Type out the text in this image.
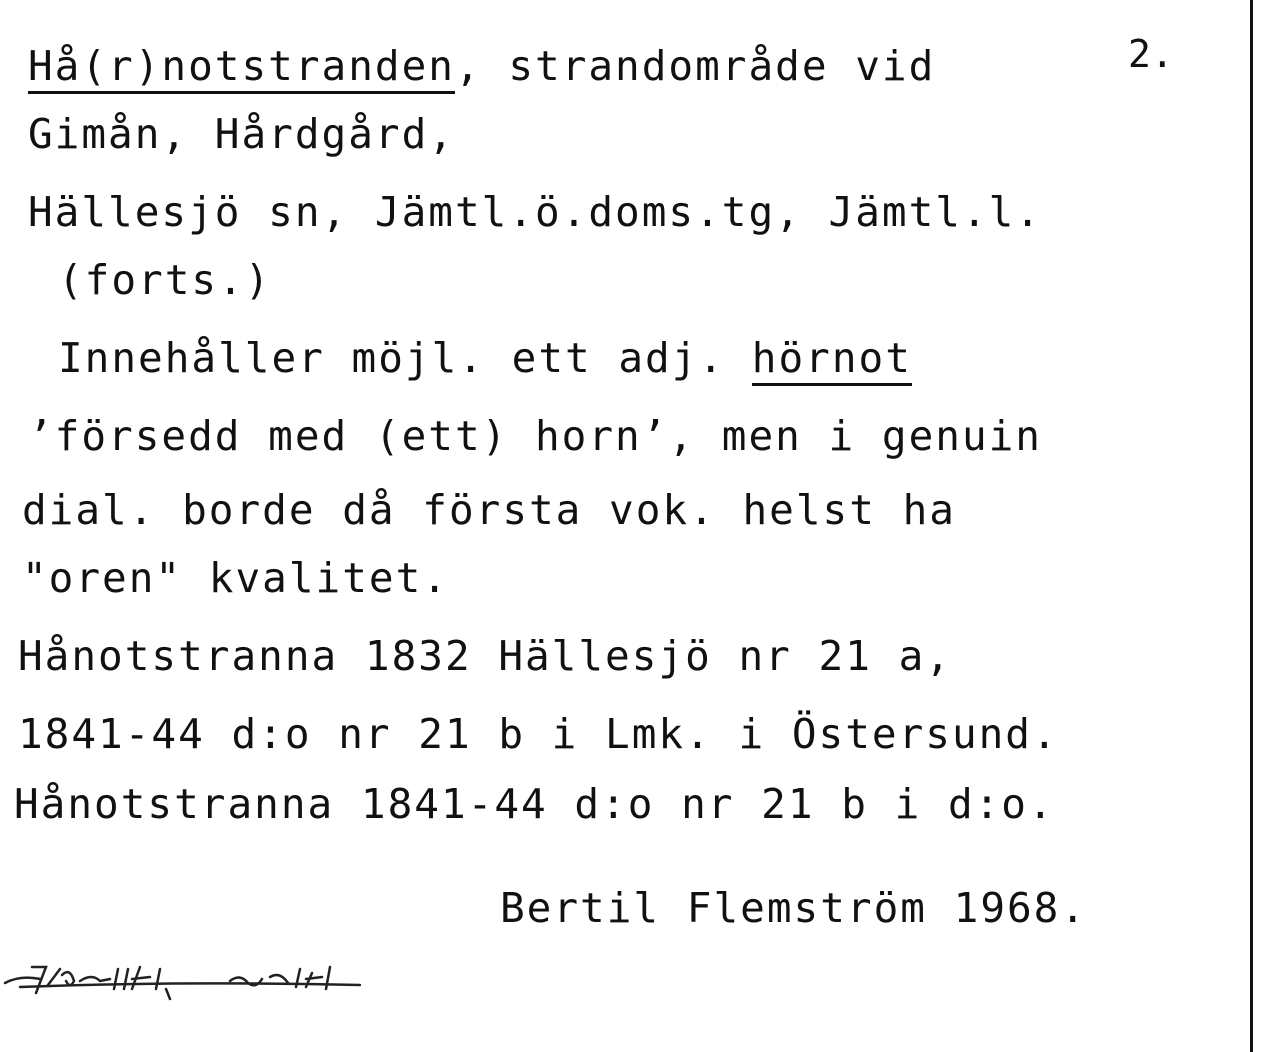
2.
Hå(r)notstranden, strandområde vid
Gimån, Hårdgård,
Hällesjö sn, Jämtl.ö.doms.tg, Jämtl.l.
(forts.)
Innehåller möjl. ett adj. hörnot
’försedd med (ett) horn’, men i genuin
dial. borde då första vok. helst ha
"oren" kvalitet.
Hånotstranna 1832 Hällesjö nr 21 a,
1841-44 d:o nr 21 b i Lmk. i Östersund.
Hånotstranna 1841-44 d:o nr 21 b i d:o.
Bertil Flemström 1968.
